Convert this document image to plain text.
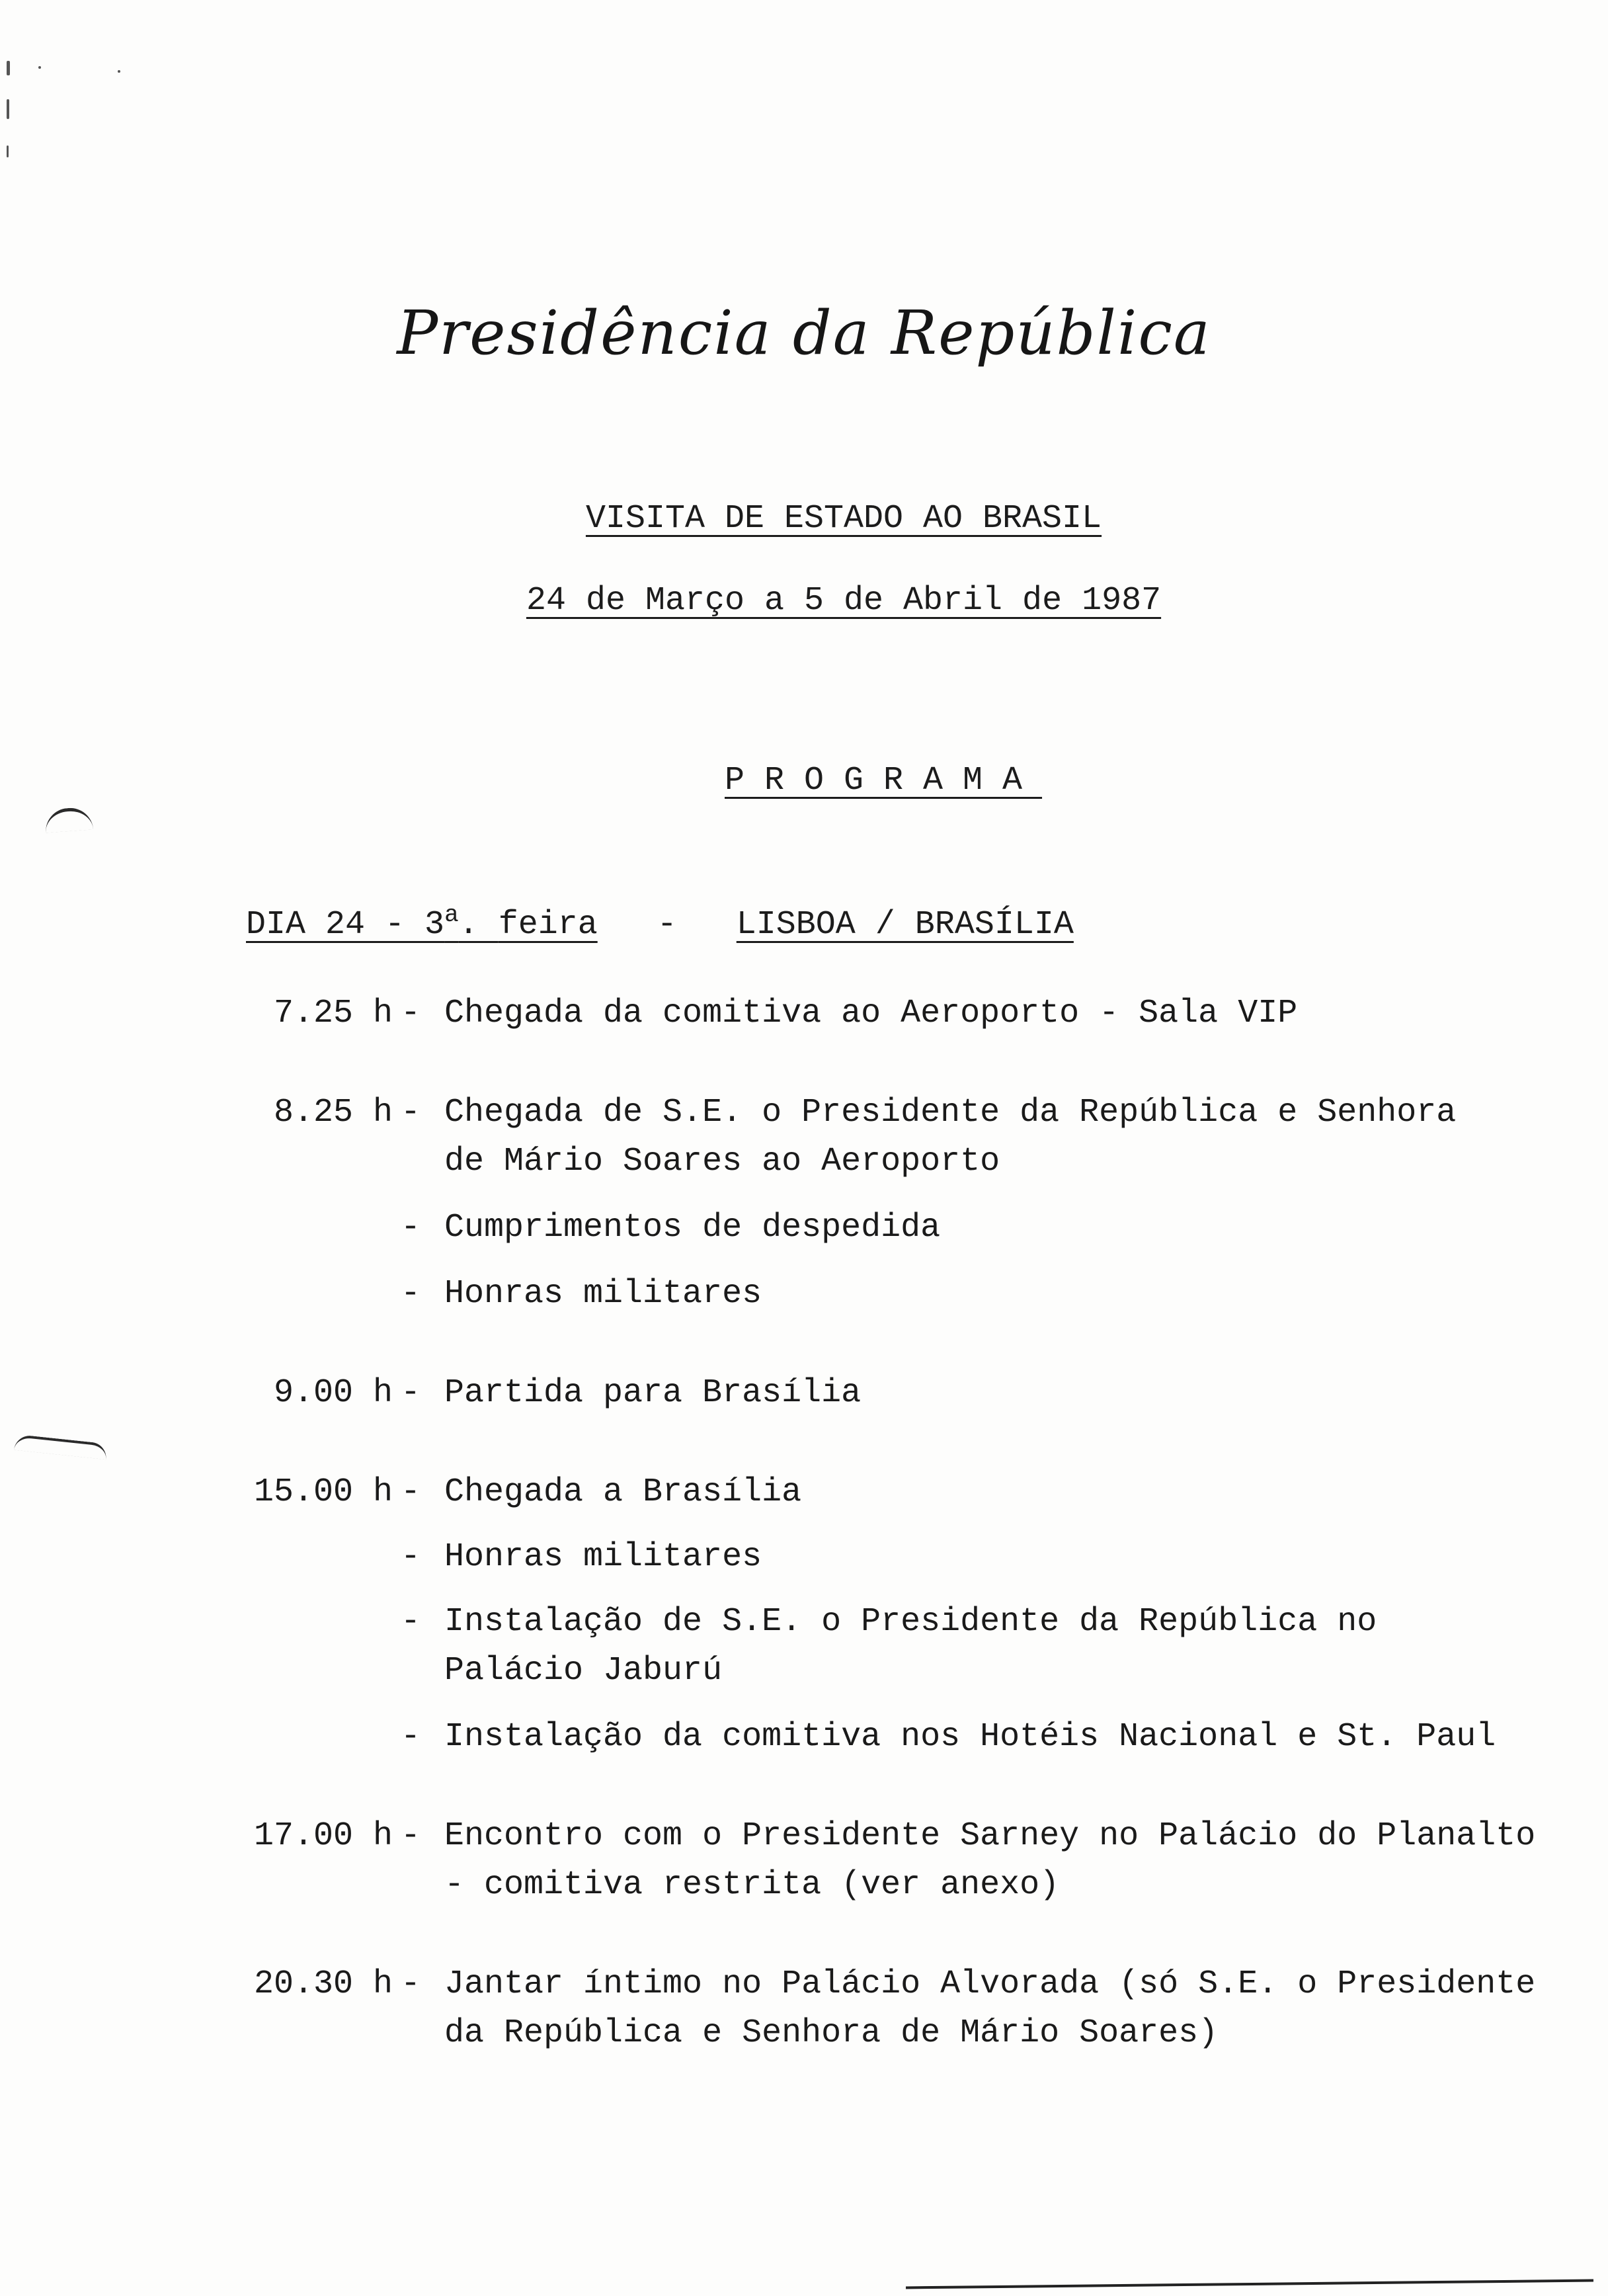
Presidência da República

VISITA DE ESTADO AO BRASIL

24 de Março a 5 de Abril de 1987

PROGRAMA

DIA 24 - 3$^a$. feira - LISBOA / BRASÍLIA
7.25 h - Chegada da comitiva ao Aeroporto - Sala VIP
8.25 h - Chegada de S.E. o Presidente da República e Senhora
de Mário Soares ao Aeroporto
- Cumprimentos de despedida
- Honras militares
9.00 h - Partida para Brasília
15.00 h - Chegada a Brasília
- Honras militares
- Instalação de S.E. o Presidente da República no
Palácio Jaburú
- Instalação da comitiva nos Hotéis Nacional e St. Paul
17.00 h - Encontro com o Presidente Sarney no Palácio do Planalto
- comitiva restrita (ver anexo)
20.30 h - Jantar íntimo no Palácio Alvorada (só S.E. o Presidente
da República e Senhora de Mário Soares)
